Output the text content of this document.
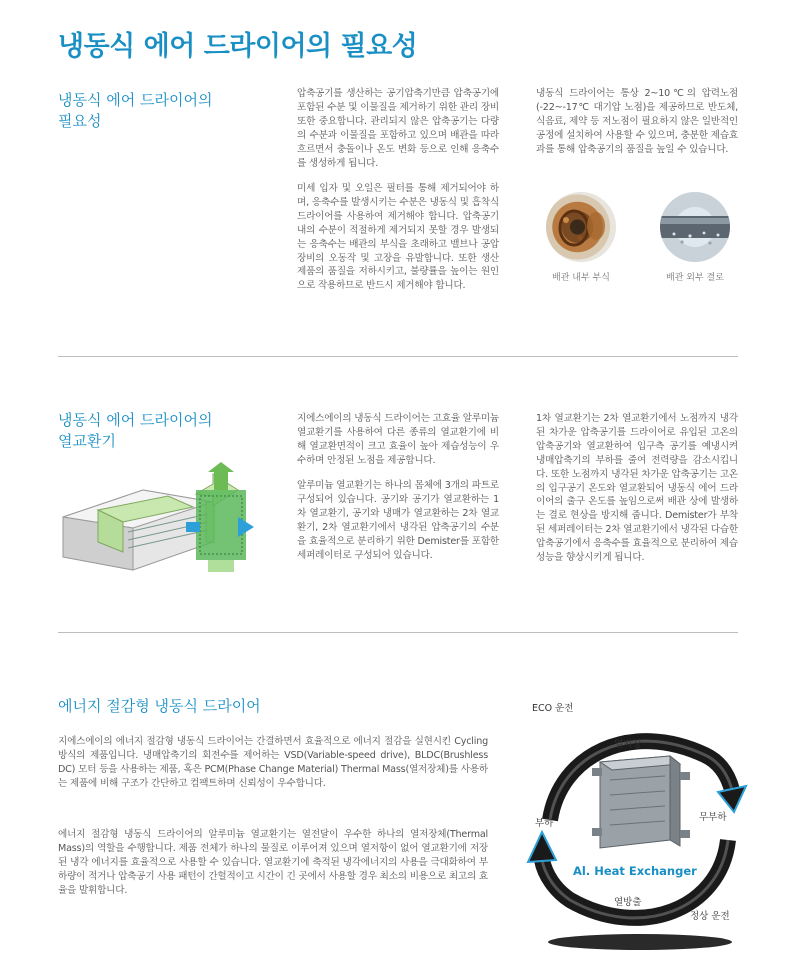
냉동식 에어 드라이어의 필요성
냉동식 에어 드라이어의
필요성
압축공기를 생산하는 공기압축기만큼 압축공기에 포함된 수분 및 이물질을 제거하기 위한 관리 장비 또한 중요합니다. 관리되지 않은 압축공기는 다량의 수분과 이물질을 포함하고 있으며 배관을 따라 흐르면서 충돌이나 온도 변화 등으로 인해 응축수를 생성하게 됩니다.
미세 입자 및 오일은 필터를 통해 제거되어야 하며, 응축수를 발생시키는 수분은 냉동식 및 흡착식 드라이어를 사용하여 제거해야 합니다. 압축공기 내의 수분이 적절하게 제거되지 못할 경우 발생되는 응축수는 배관의 부식을 초래하고 밸브나 공압장비의 오동작 및 고장을 유발합니다. 또한 생산 제품의 품질을 저하시키고, 불량률을 높이는 원인으로 작용하므로 반드시 제거해야 합니다.
냉동식 드라이어는 통상 2~10℃의 압력노점(-22~-17℃ 대기압 노점)을 제공하므로 반도체, 식음료, 제약 등 저노점이 필요하지 않은 일반적인 공정에 설치하여 사용할 수 있으며, 충분한 제습효과를 통해 압축공기의 품질을 높일 수 있습니다.
배관 내부 부식	배관 외부 결로
냉동식 에어 드라이어의
열교환기
지에스에이의 냉동식 드라이어는 고효율 알루미늄 열교환기를 사용하여 다른 종류의 열교환기에 비해 열교환면적이 크고 효율이 높아 제습성능이 우수하며 안정된 노점을 제공합니다.
알루미늄 열교환기는 하나의 몸체에 3개의 파트로 구성되어 있습니다. 공기와 공기가 열교환하는 1차 열교환기, 공기와 냉매가 열교환하는 2차 열교환기, 2차 열교환기에서 냉각된 압축공기의 수분을 효율적으로 분리하기 위한 Demister를 포함한 세퍼레이터로 구성되어 있습니다.
1차 열교환기는 2차 열교환기에서 노점까지 냉각된 차가운 압축공기를 드라이어로 유입된 고온의 압축공기와 열교환하여 입구측 공기를 예냉시켜 냉매압축기의 부하를 줄여 전력량을 감소시킵니다. 또한 노점까지 냉각된 차가운 압축공기는 고온의 입구공기 온도와 열교환되어 냉동식 에어 드라이어의 출구 온도를 높임으로써 배관 상에 발생하는 결로 현상을 방지해 줍니다. Demister가 부착된 세퍼레이터는 2차 열교환기에서 냉각된 다습한 압축공기에서 응축수를 효율적으로 분리하여 제습성능을 향상시키게 됩니다.
에너지 절감형 냉동식 드라이어
지에스에이의 에너지 절감형 냉동식 드라이어는 간결하면서 효율적으로 에너지 절감을 실현시킨 Cycling 방식의 제품입니다. 냉매압축기의 회전수를 제어하는 VSD(Variable-speed drive), BLDC(Brushless DC) 모터 등을 사용하는 제품, 혹은 PCM(Phase Change Material) Thermal Mass(열저장체)를 사용하는 제품에 비해 구조가 간단하고 컴팩트하며 신뢰성이 우수합니다.
에너지 절감형 냉동식 드라이어의 알루미늄 열교환기는 열전달이 우수한 하나의 열저장체(Thermal Mass)의 역할을 수행합니다. 제품 전체가 하나의 물질로 이루어져 있으며 열저항이 없어 열교환기에 저장된 냉각 에너지를 효율적으로 사용할 수 있습니다. 열교환기에 축적된 냉각에너지의 사용을 극대화하여 부하량이 적거나 압축공기 사용 패턴이 간헐적이고 시간이 긴 곳에서 사용할 경우 최소의 비용으로 최고의 효율을 발휘합니다.
ECO 운전
열저장
무부하
부하
Al. Heat Exchanger
열방출
정상 운전
